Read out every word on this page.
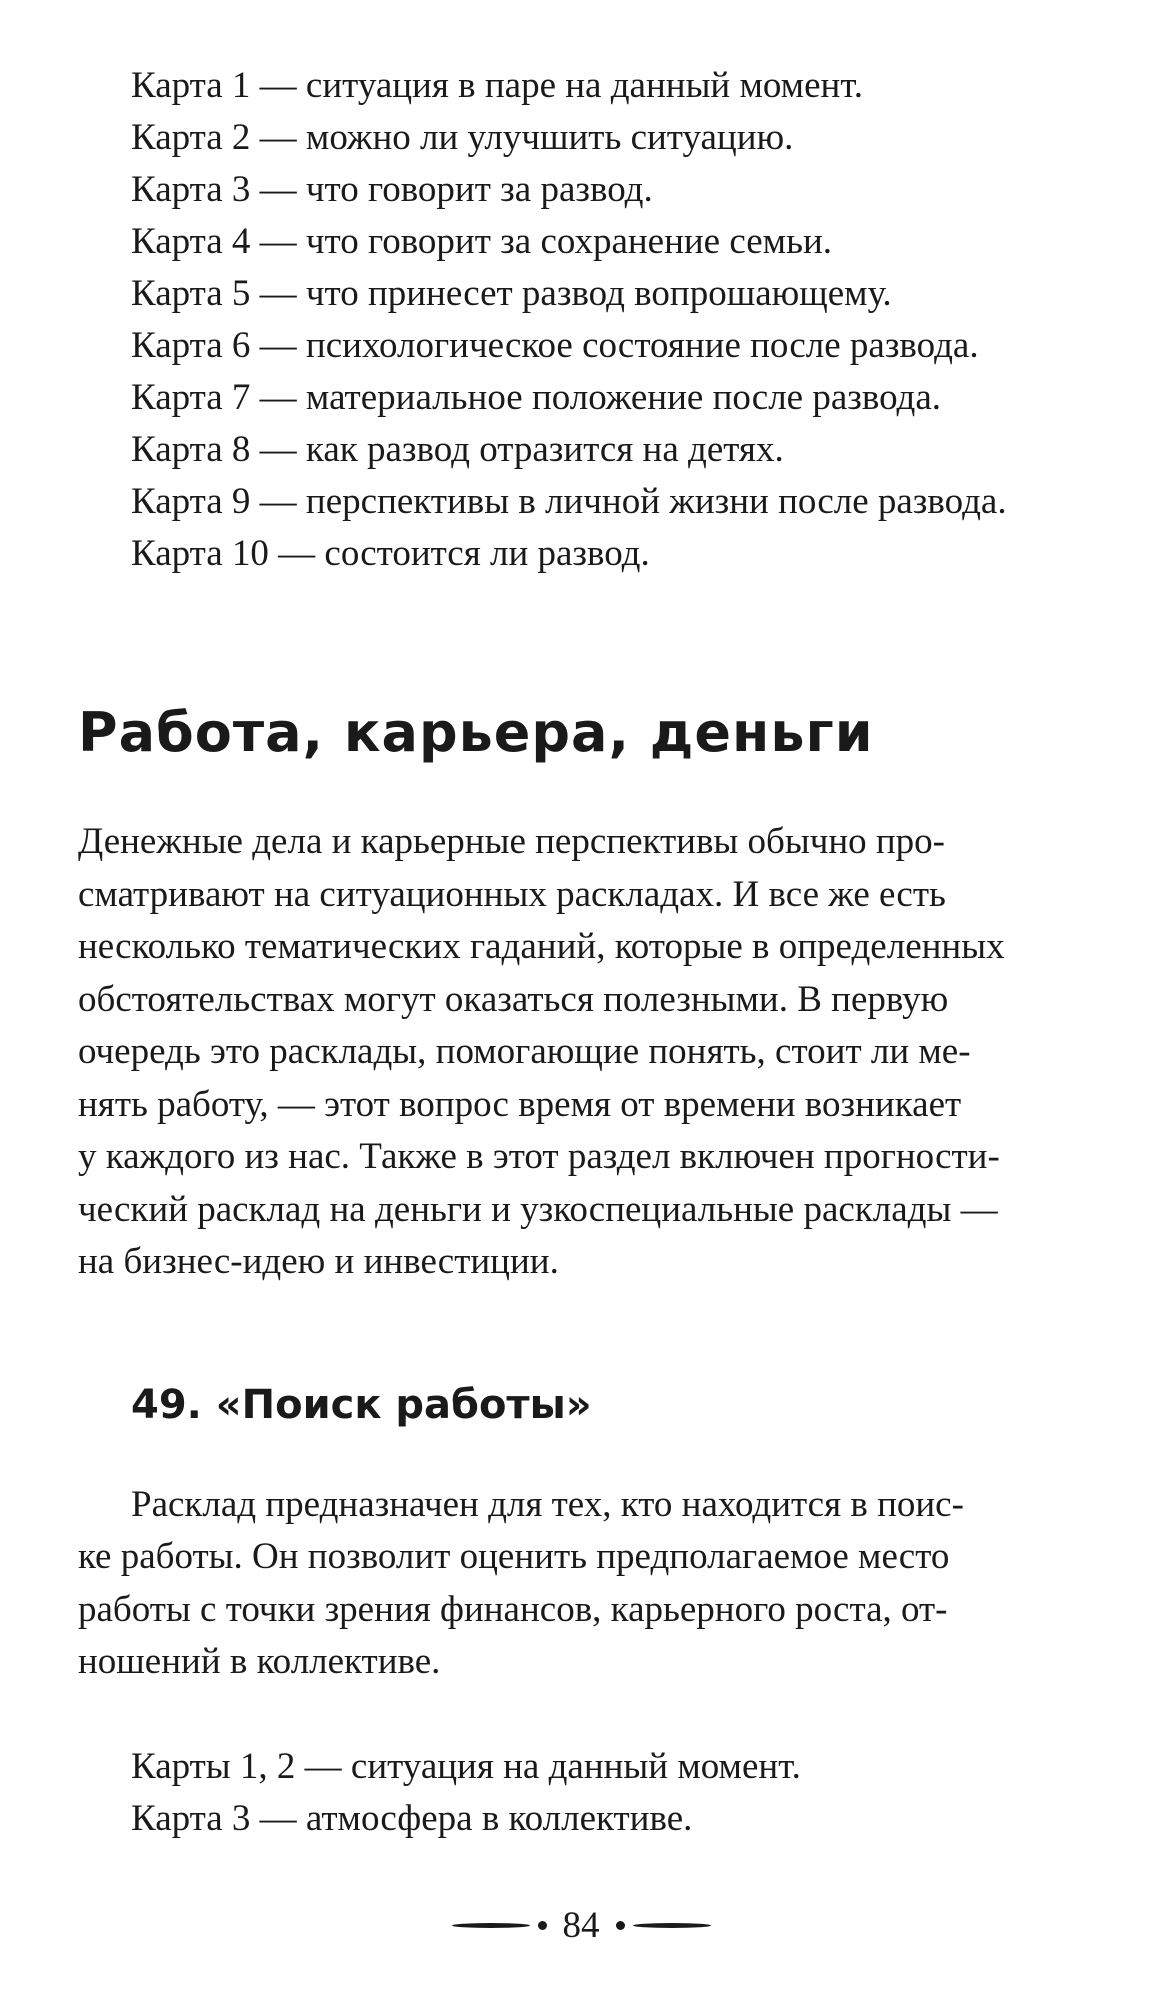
Карта 1 — ситуация в паре на данный момент.
Карта 2 — можно ли улучшить ситуацию.
Карта 3 — что говорит за развод.
Карта 4 — что говорит за сохранение семьи.
Карта 5 — что принесет развод вопрошающему.
Карта 6 — психологическое состояние после развода.
Карта 7 — материальное положение после развода.
Карта 8 — как развод отразится на детях.
Карта 9 — перспективы в личной жизни после развода.
Карта 10 — состоится ли развод.
Работа, карьера, деньги
Денежные дела и карьерные перспективы обычно про-
сматривают на ситуационных раскладах. И все же есть
несколько тематических гаданий, которые в определенных
обстоятельствах могут оказаться полезными. В первую
очередь это расклады, помогающие понять, стоит ли ме-
нять работу, — этот вопрос время от времени возникает
у каждого из нас. Также в этот раздел включен прогности-
ческий расклад на деньги и узкоспециальные расклады —
на бизнес-идею и инвестиции.
49. «Поиск работы»
Расклад предназначен для тех, кто находится в поис-
ке работы. Он позволит оценить предполагаемое место
работы с точки зрения финансов, карьерного роста, от-
ношений в коллективе.
Карты 1, 2 — ситуация на данный момент.
Карта 3 — атмосфера в коллективе.
84
